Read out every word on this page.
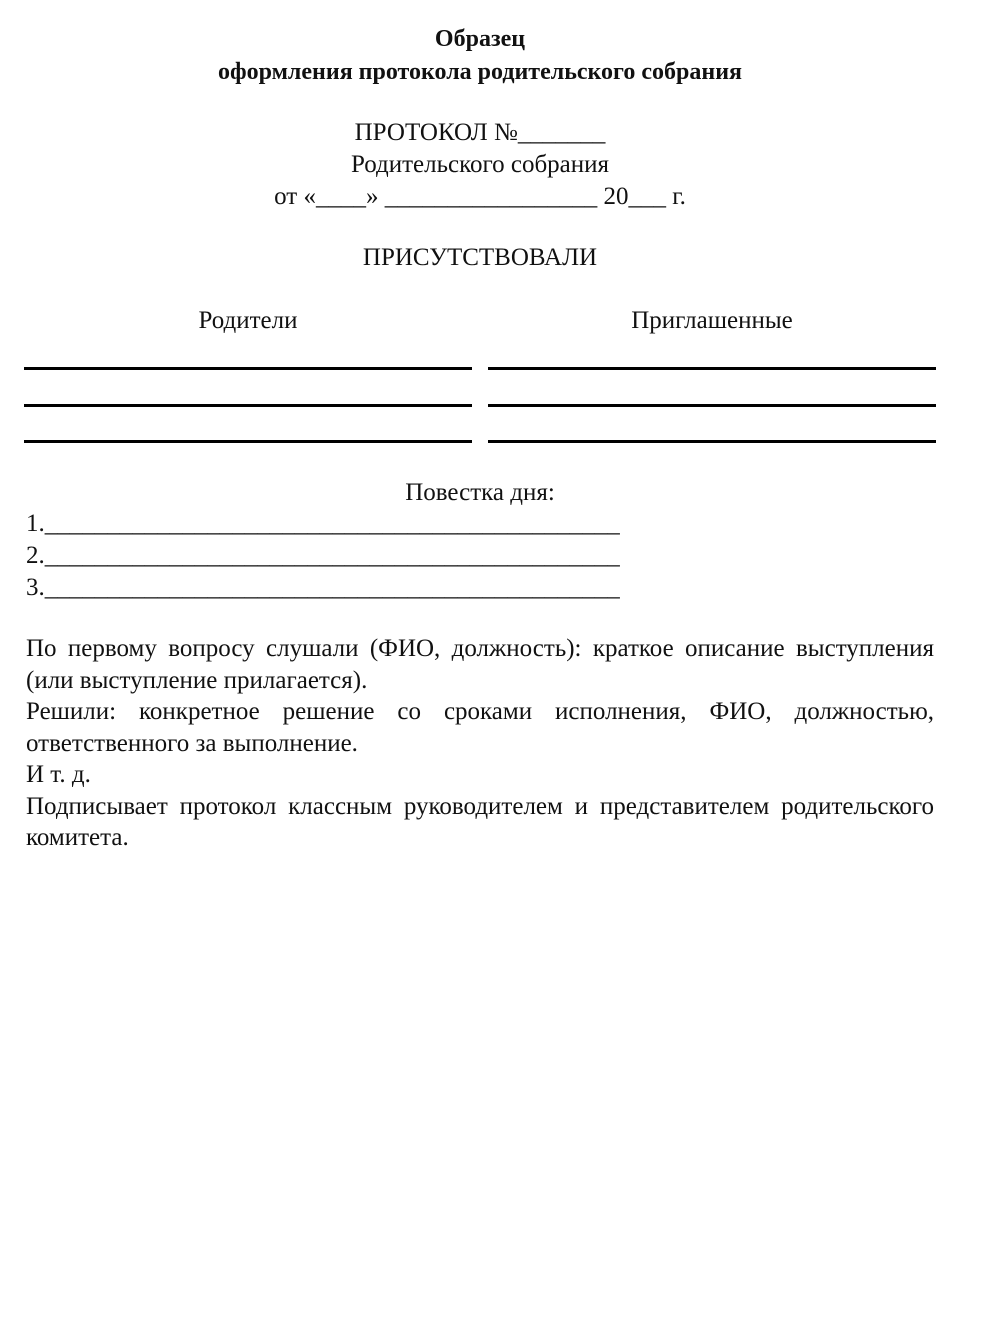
Образец
оформления протокола родительского собрания
ПРОТОКОЛ №_______
Родительского собрания
от «____» _________________ 20___ г.
ПРИСУТСТВОВАЛИ
Родители	Приглашенные
Повестка дня:
1.______________________________________________
2.______________________________________________
3.______________________________________________

По первому вопросу слушали (ФИО, должность): краткое описание выступления (или выступление прилагается).

Решили: конкретное решение со сроками исполнения, ФИО, должностью, ответственного за выполнение.

И т. д.

Подписывает протокол классным руководителем и представителем родительского комитета.
